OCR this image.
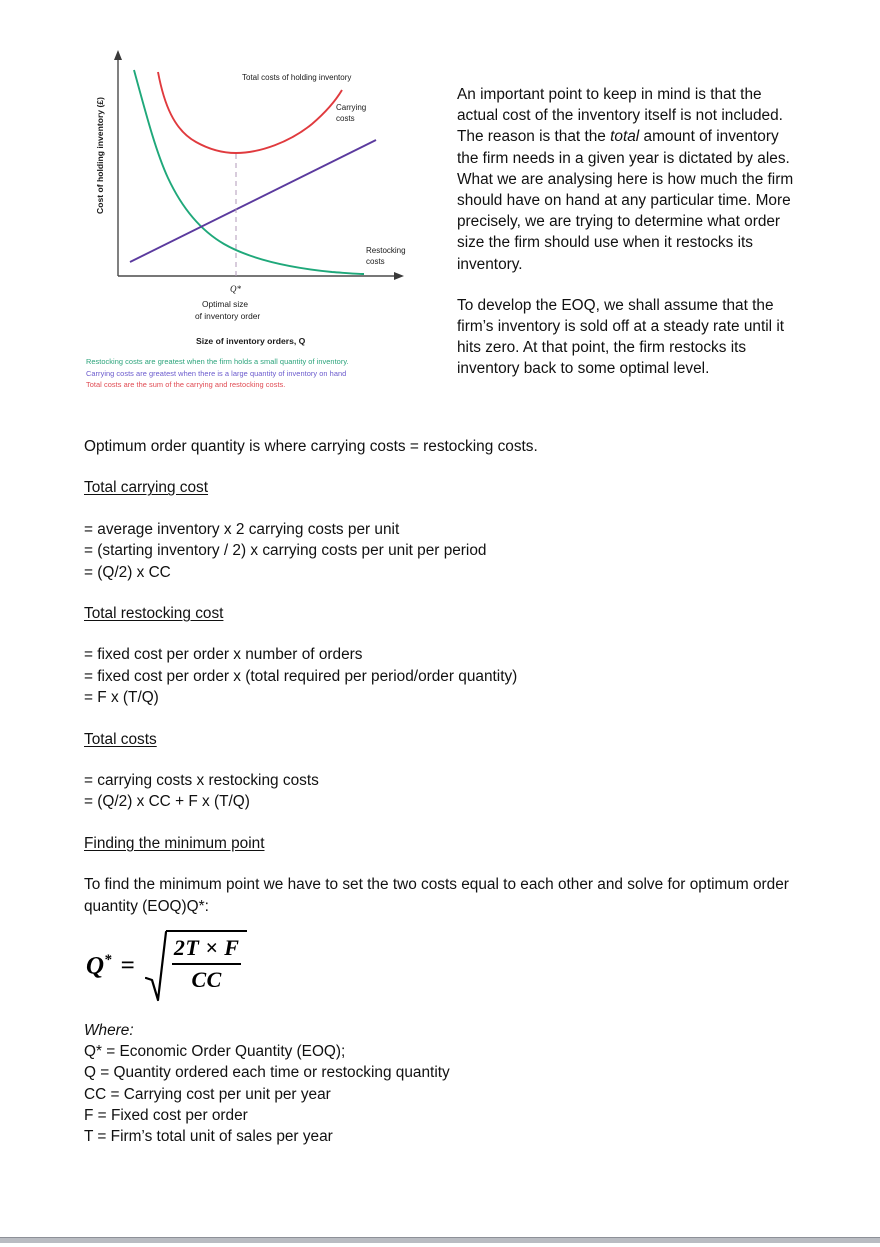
Cost of holding inventory (£)
Total costs of holding inventory
Carrying
costs
Restocking
costs
Q*
Optimal size
of inventory order
Size of inventory orders, Q
Restocking costs are greatest when the firm holds a small quantity of inventory.
Carrying costs are greatest when there is a large quantity of inventory on hand
Total costs are the sum of the carrying and restocking costs.

An important point to keep in mind is that the actual cost of the inventory itself is not included. The reason is that the total amount of inventory the firm needs in a given year is dictated by ales. What we are analysing here is how much the firm should have on hand at any particular time. More precisely, we are trying to determine what order size the firm should use when it restocks its inventory.

To develop the EOQ, we shall assume that the firm’s inventory is sold off at a steady rate until it hits zero. At that point, the firm restocks its inventory back to some optimal level.

Optimum order quantity is where carrying costs = restocking costs.
Total carrying cost
= average inventory x 2 carrying costs per unit
= (starting inventory / 2) x carrying costs per unit per period
= (Q/2) x CC
Total restocking cost
= fixed cost per order x number of orders
= fixed cost per order x (total required per period/order quantity)
= F x (T/Q)
Total costs
= carrying costs x restocking costs
= (Q/2) x CC + F x (T/Q)
Finding the minimum point
To find the minimum point we have to set the two costs equal to each other and solve for optimum order quantity (EOQ)Q*:
$Q^* = \frac{2T \times F}{CC}$
Where:
Q* = Economic Order Quantity (EOQ);
Q = Quantity ordered each time or restocking quantity
CC = Carrying cost per unit per year
F = Fixed cost per order
T = Firm’s total unit of sales per year
